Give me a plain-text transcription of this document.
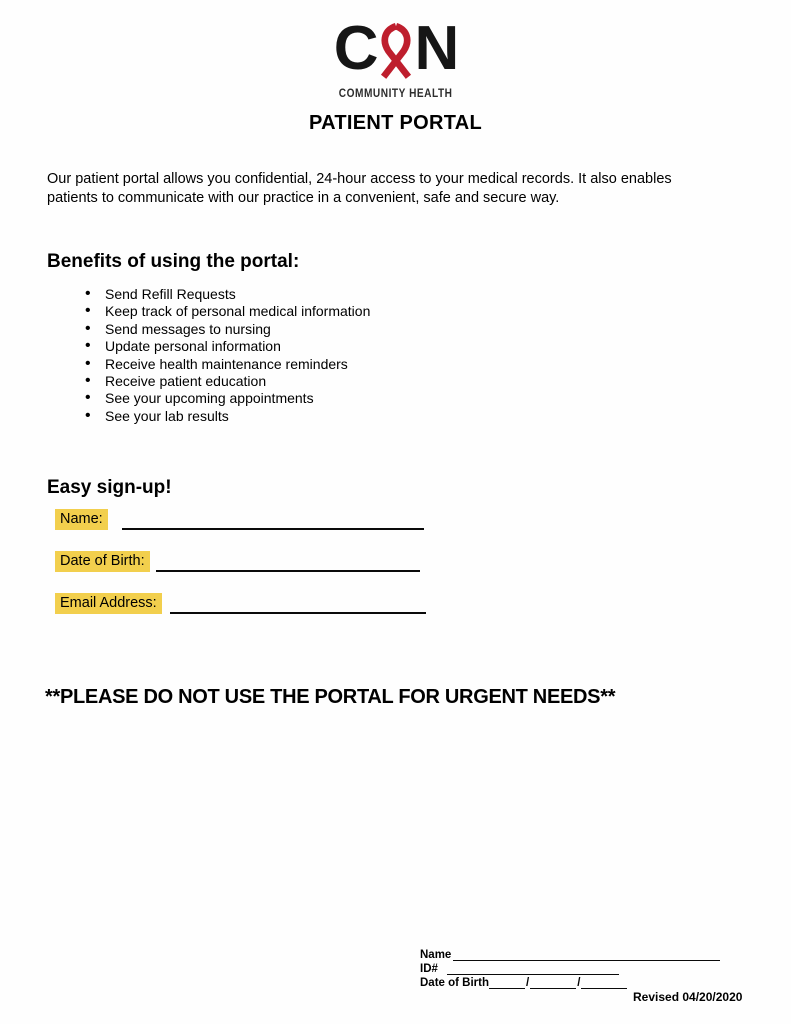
C N
COMMUNITY HEALTH
PATIENT PORTAL

Our patient portal allows you confidential, 24-hour access to your medical records. It also enables patients to communicate with our practice in a convenient, safe and secure way.

Benefits of using the portal:
• Send Refill Requests
• Keep track of personal medical information
• Send messages to nursing
• Update personal information
• Receive health maintenance reminders
• Receive patient education
• See your upcoming appointments
• See your lab results
Easy sign-up!
Name:
Date of Birth:
Email Address:
**PLEASE DO NOT USE THE PORTAL FOR URGENT NEEDS**
Name
ID#
Date of Birth	/	/
Revised 04/20/2020
